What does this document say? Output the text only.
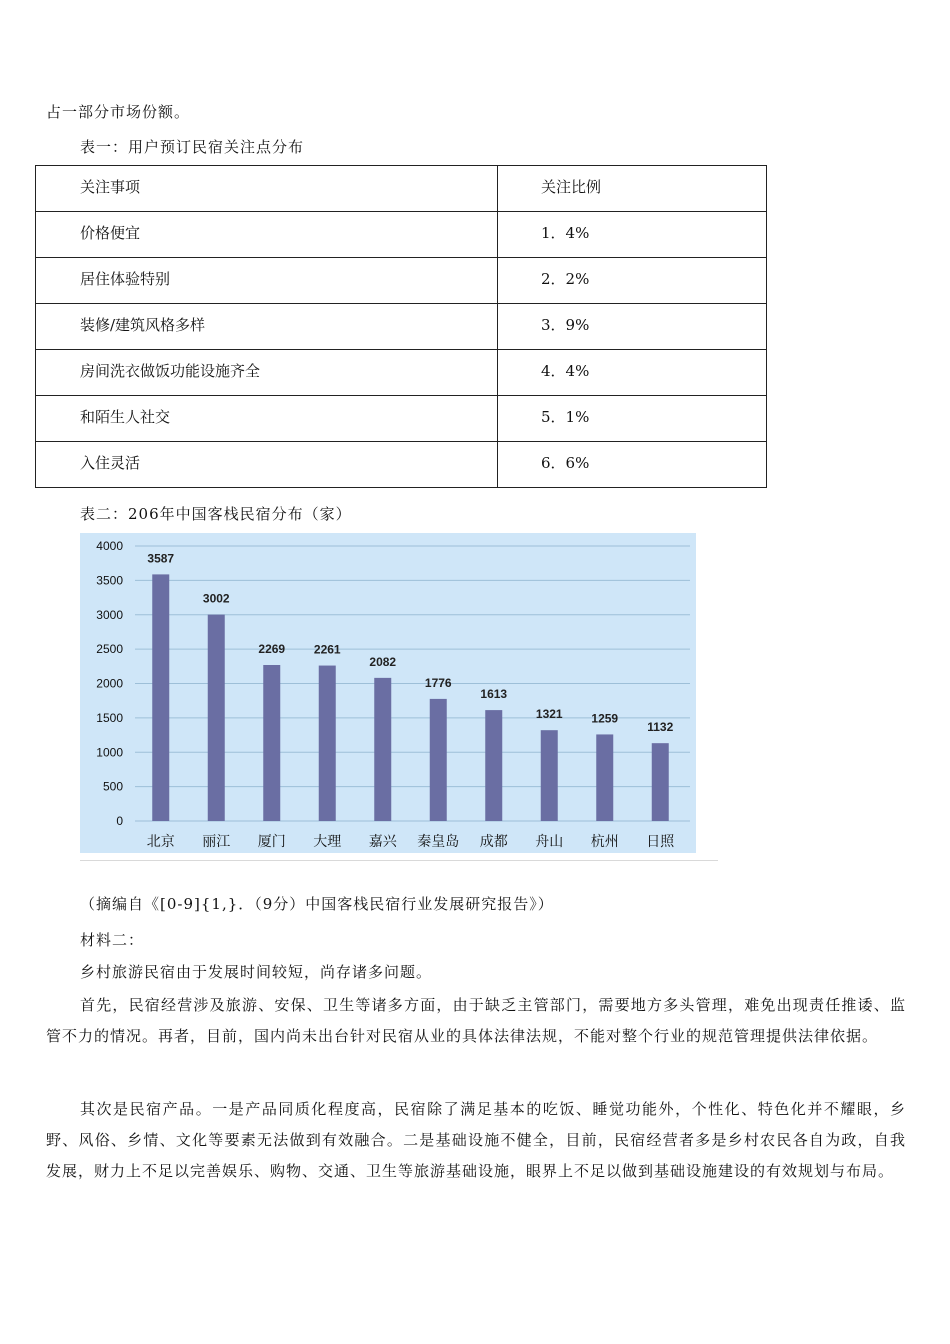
占一部分市场份额。
表一：用户预订民宿关注点分布
关注事项	关注比例
价格便宜	1．4%
居住体验特别	2．2%
装修/建筑风格多样	3．9%
房间洗衣做饭功能设施齐全	4．4%
和陌生人社交	5．1%
入住灵活	6．6%
表二：206年中国客栈民宿分布（家）
0
500
1000
1500
2000
2500
3000
3500
4000
3587
3002
2269 2261
2082
1776
1613
1321 1259
1132
北京 丽江 厦门 大理 嘉兴 秦皇岛 成都 舟山 杭州 日照
（摘编自《[0-9]{1,}．（9分）中国客栈民宿行业发展研究报告》）
材料二：
乡村旅游民宿由于发展时间较短，尚存诸多问题。
首先，民宿经营涉及旅游、安保、卫生等诸多方面，由于缺乏主管部门，需要地方多头管理，难免出现责任推诿、监管不力的情况。再者，目前，国内尚未出台针对民宿从业的具体法律法规，不能对整个行业的规范管理提供法律依据。
其次是民宿产品。一是产品同质化程度高，民宿除了满足基本的吃饭、睡觉功能外，个性化、特色化并不耀眼，乡野、风俗、乡情、文化等要素无法做到有效融合。二是基础设施不健全，目前，民宿经营者多是乡村农民各自为政，自我发展，财力上不足以完善娱乐、购物、交通、卫生等旅游基础设施，眼界上不足以做到基础设施建设的有效规划与布局。
